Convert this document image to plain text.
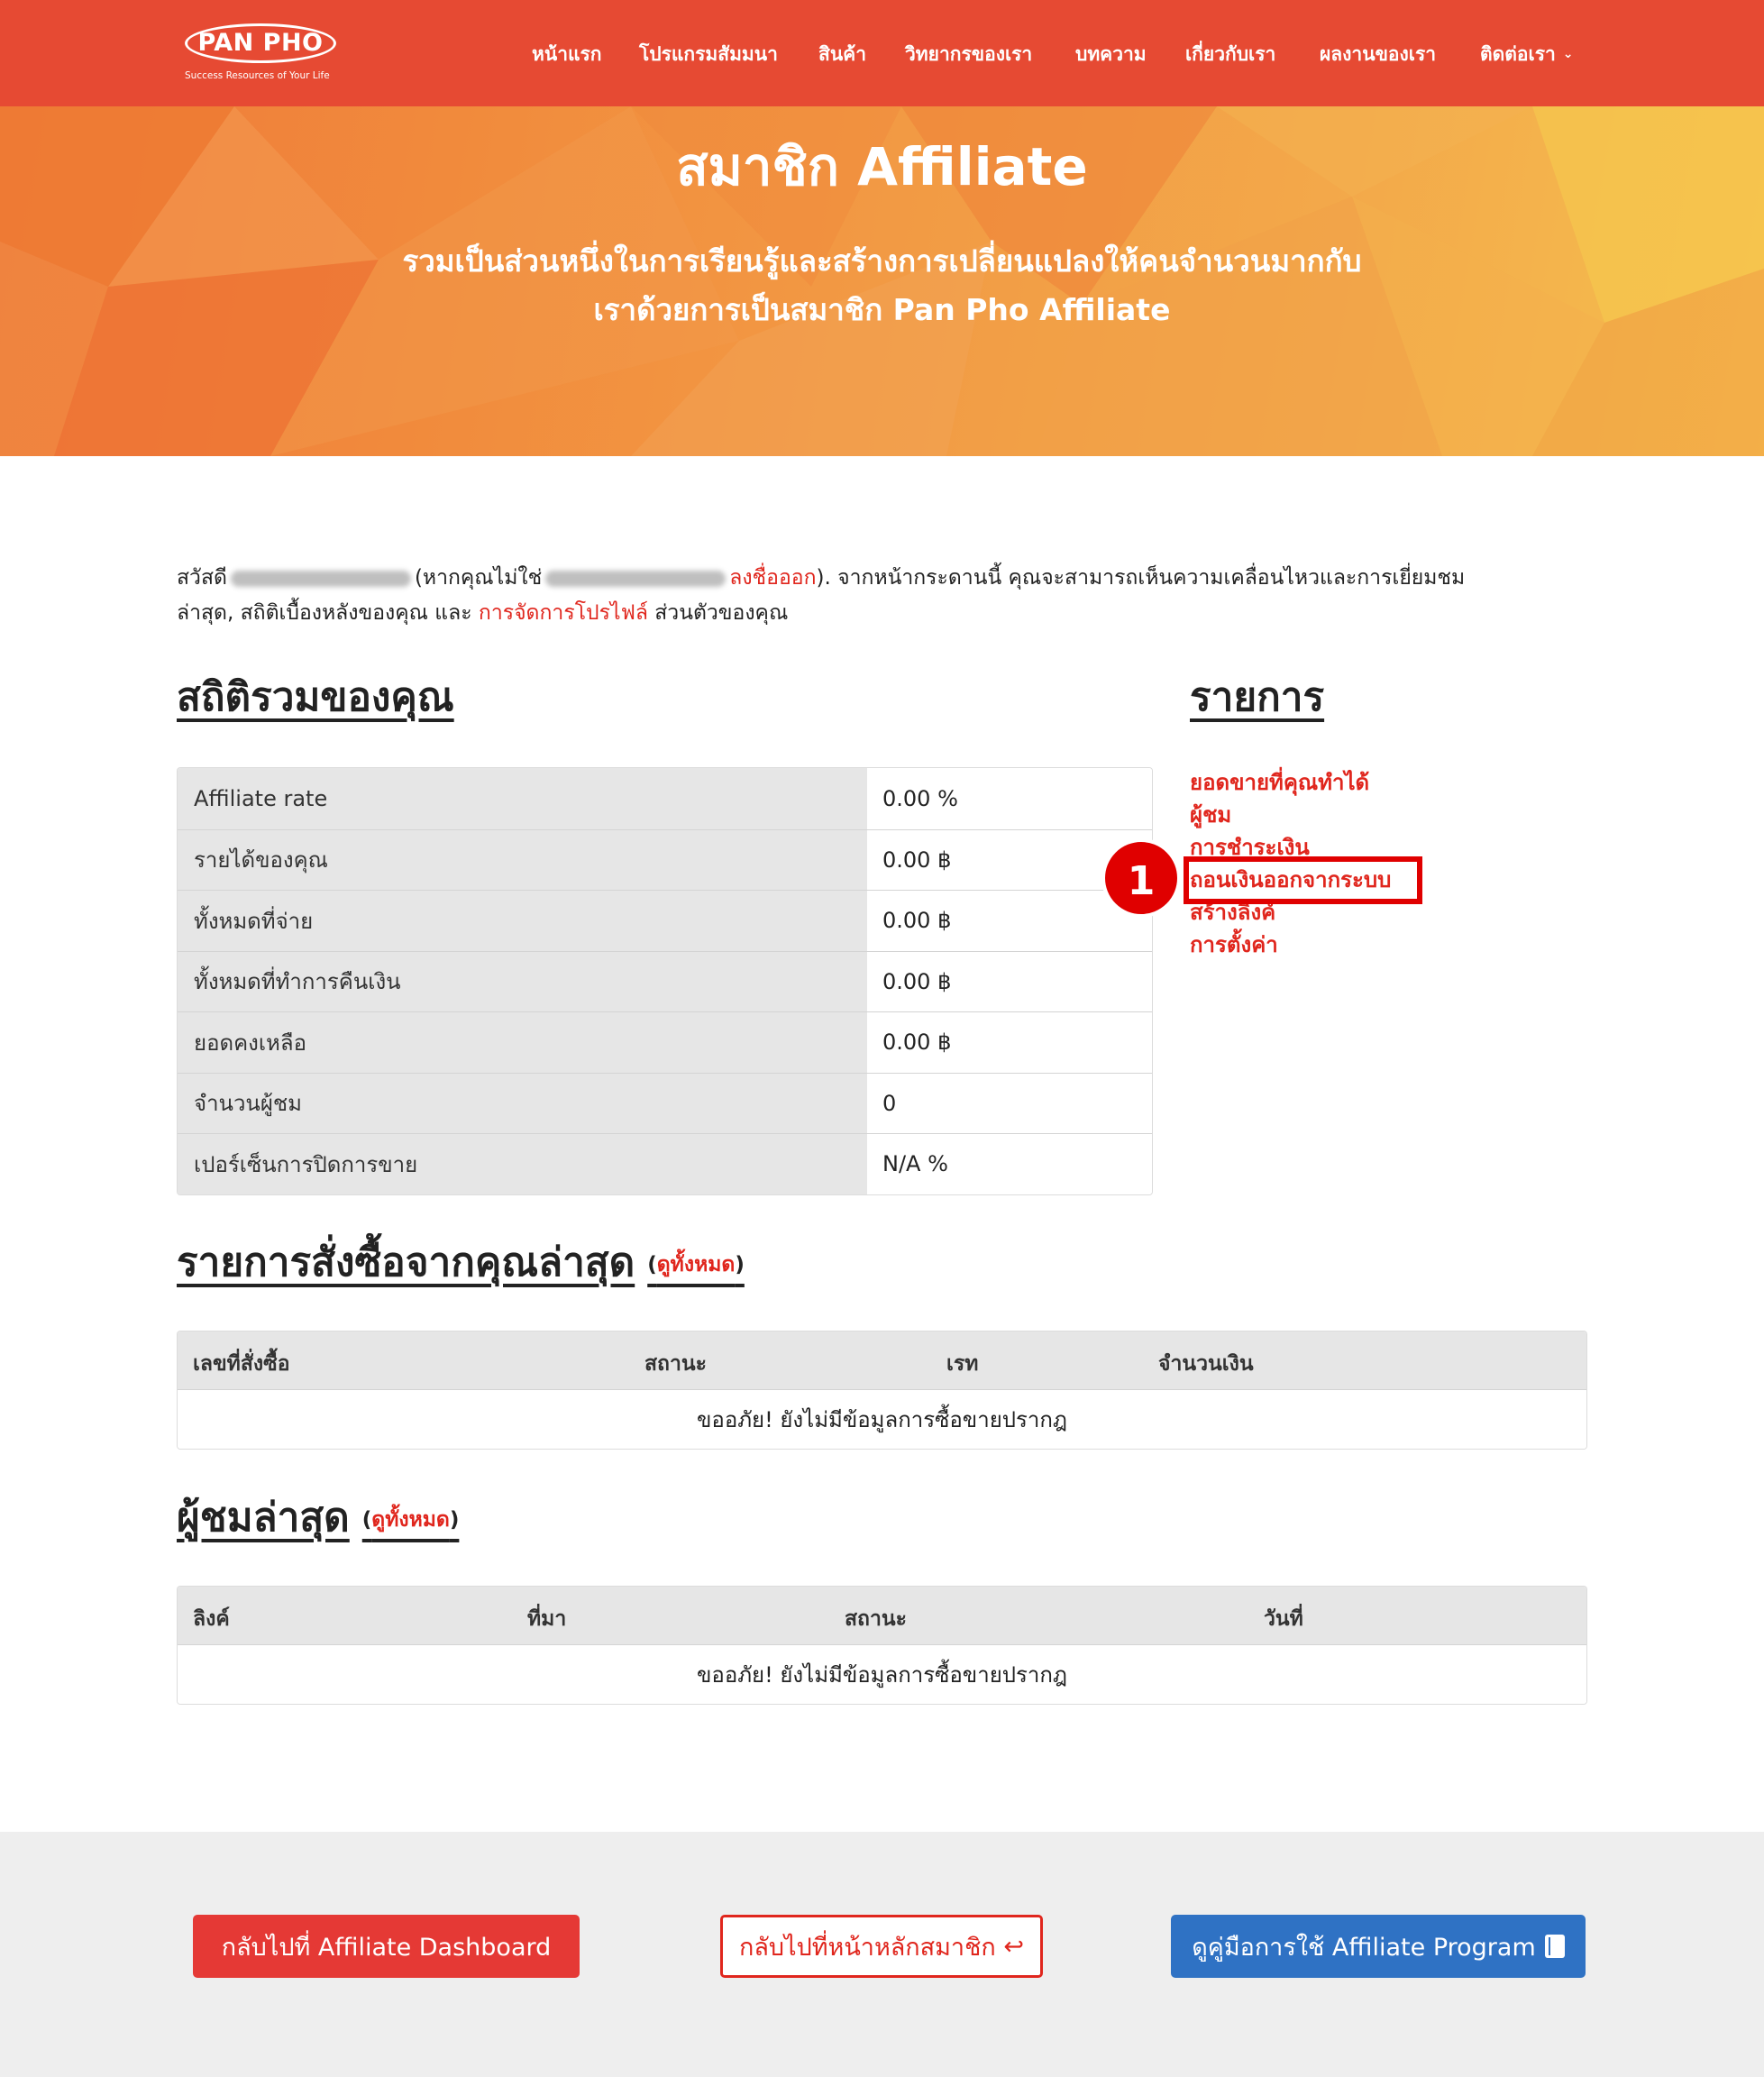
PAN PHO
Success Resources of Your Life
หน้าแรก โปรแกรมสัมมนา สินค้า วิทยากรของเรา บทความ เกี่ยวกับเรา ผลงานของเรา ติดต่อเรา ⌄
สมาชิก Affiliate
รวมเป็นส่วนหนึ่งในการเรียนรู้และสร้างการเปลี่ยนแปลงให้คนจำนวนมากกับ
เราด้วยการเป็นสมาชิก Pan Pho Affiliate
สวัสดี	(หากคุณไม่ใช่	ลงชื่อออก). จากหน้ากระดานนี้ คุณจะสามารถเห็นความเคลื่อนไหวและการเยี่ยมชม
ล่าสุด, สถิติเบื้องหลังของคุณ และ การจัดการโปรไฟล์ ส่วนตัวของคุณ
สถิติรวมของคุณ
Affiliate rate	0.00 %
รายได้ของคุณ	0.00 ฿
ทั้งหมดที่จ่าย	0.00 ฿
ทั้งหมดที่ทำการคืนเงิน	0.00 ฿
ยอดคงเหลือ	0.00 ฿
จำนวนผู้ชม	0
เปอร์เซ็นการปิดการขาย	N/A %
รายการ
ยอดขายที่คุณทำได้
ผู้ชม
การชำระเงิน
ถอนเงินออกจากระบบ
สร้างลิงค์
การตั้งค่า
1
รายการสั่งซื้อจากคุณล่าสุด (ดูทั้งหมด)
เลขที่สั่งซื้อ	สถานะ	เรท	จำนวนเงิน
ขออภัย! ยังไม่มีข้อมูลการซื้อขายปรากฎ
ผู้ชมล่าสุด (ดูทั้งหมด)
ลิงค์	ที่มา	สถานะ	วันที่
ขออภัย! ยังไม่มีข้อมูลการซื้อขายปรากฎ
กลับไปที่ Affiliate Dashboard	กลับไปที่หน้าหลักสมาชิก
↩	ดูคู่มือการใช้ Affiliate Program
